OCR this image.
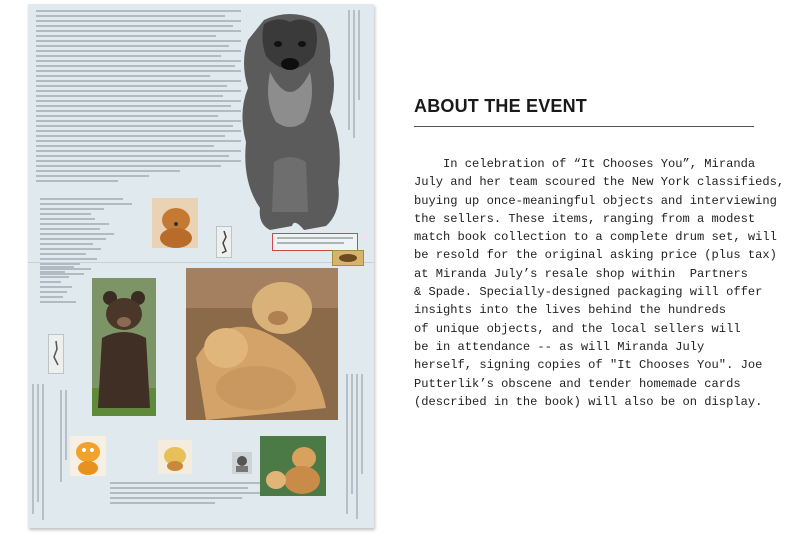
ABOUT THE EVENT

In celebration of “It Chooses You”, Miranda
July and her team scoured the New York classifieds,
buying up once-meaningful objects and interviewing
the sellers. These items, ranging from a modest
match book collection to a complete drum set, will
be resold for the original asking price (plus tax)
at Miranda July’s resale shop within  Partners
& Spade. Specially-designed packaging will offer
insights into the lives behind the hundreds
of unique objects, and the local sellers will
be in attendance -- as will Miranda July
herself, signing copies of "It Chooses You". Joe
Putterlik’s obscene and tender homemade cards
(described in the book) will also be on display.
